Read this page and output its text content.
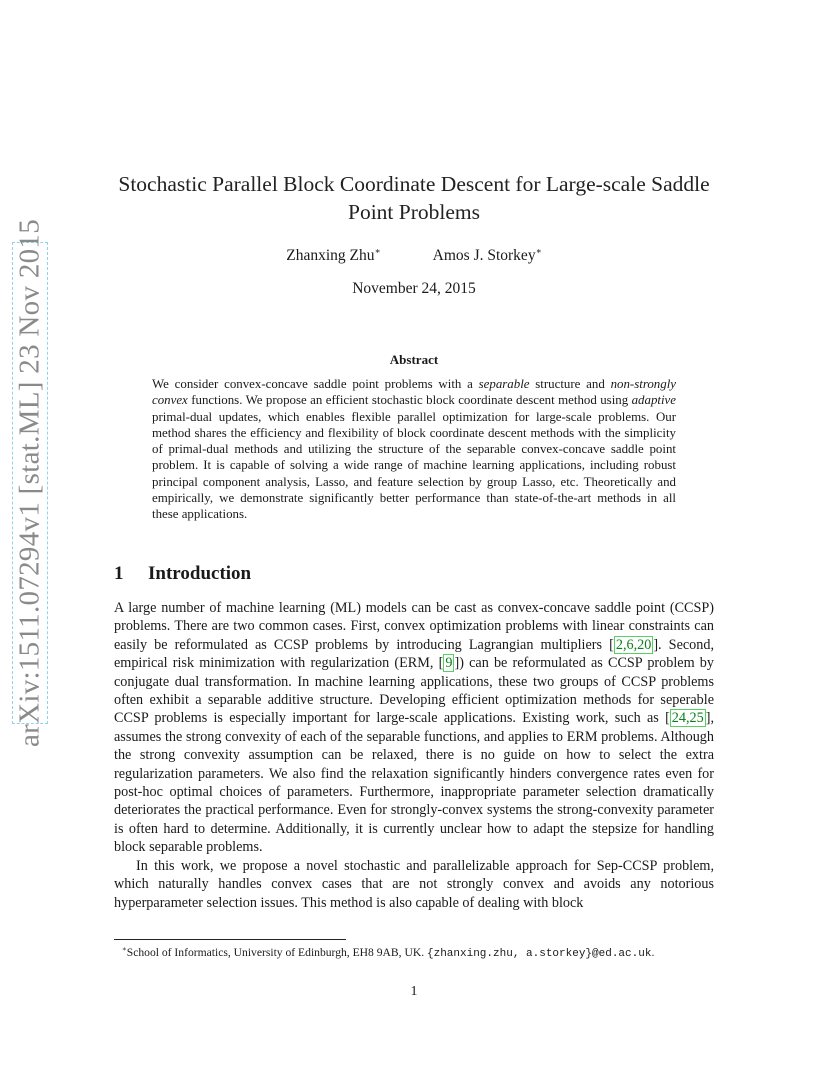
arXiv:1511.07294v1 [stat.ML] 23 Nov 2015
Stochastic Parallel Block Coordinate Descent for Large-scale Saddle Point Problems
Zhanxing Zhu∗	Amos J. Storkey∗
November 24, 2015
Abstract
We consider convex-concave saddle point problems with a separable structure and non-strongly convex functions. We propose an efficient stochastic block coordinate descent method using adaptive primal-dual updates, which enables flexible parallel optimization for large-scale problems. Our method shares the efficiency and flexibility of block coordinate descent methods with the simplicity of primal-dual methods and utilizing the structure of the separable convex-concave saddle point problem. It is capable of solving a wide range of machine learning applications, including robust principal component analysis, Lasso, and feature selection by group Lasso, etc. Theoretically and empirically, we demonstrate significantly better performance than state-of-the-art methods in all these applications.
1 Introduction

A large number of machine learning (ML) models can be cast as convex-concave saddle point (CCSP) problems. There are two common cases. First, convex optimization problems with linear constraints can easily be reformulated as CCSP problems by introducing Lagrangian multipliers [ 2,6,20 ]. Second, empirical risk minimization with regularization (ERM, [ 9 ]) can be reformulated as CCSP problem by conjugate dual transformation. In machine learning applications, these two groups of CCSP problems often exhibit a separable additive structure. Developing efficient optimization methods for seperable CCSP problems is especially important for large-scale applications. Existing work, such as [ 24,25 ], assumes the strong convexity of each of the separable functions, and applies to ERM problems. Although the strong convexity assumption can be relaxed, there is no guide on how to select the extra regularization parameters. We also find the relaxation significantly hinders convergence rates even for post-hoc optimal choices of parameters. Furthermore, inappropriate parameter selection dramatically deteriorates the practical performance. Even for strongly-convex systems the strong-convexity parameter is often hard to determine. Additionally, it is currently unclear how to adapt the stepsize for handling block separable problems.

In this work, we propose a novel stochastic and parallelizable approach for Sep-CCSP problem, which naturally handles convex cases that are not strongly convex and avoids any notorious hyperparameter selection issues. This method is also capable of dealing with block

∗School of Informatics, University of Edinburgh, EH8 9AB, UK. {zhanxing.zhu, a.storkey}@ed.ac.uk.
1
